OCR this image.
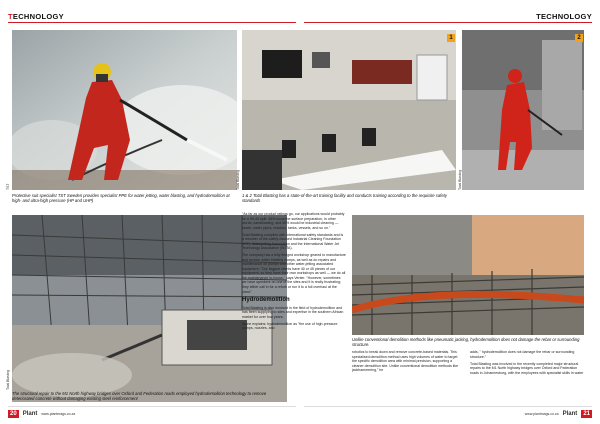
TECHNOLOGY
TST
Protective suit specialist TST Sweden provides specialist PPE for water jetting, water blasting, and hydrodemolition at high- and ultra-high pressure (HP and UHP)
Total Blasting
The structural repair to the M1 North highway bridges over Oxford and Federation roads employed hydrodemolition technology to remove deteriorated concrete without damaging existing steel reinforcement
20	Plant www.plantmags.co.za
TECHNOLOGY
1
Total Blasting
2
Total Blasting
1 & 2 Total Blasting has a state-of-the-art training facility and conducts training according to the requisite safety standards

"As far as our product ratings go, our applications would probably be a 95-45 split. 45% would be surface preparation, in other words, sandblasting, and 55% would be industrial cleaning — sewer, water pipes, reactors, tanks, vessels, and so on."

Total Blasting complies with international safety standards and is a member of the safety-focused Industrial Cleaning Foundation (ICF), Waterjetting Association and the International Water Jet Technology Association (WJTA).

The company has a fully fledged workshop geared to manufacture and service water-blasting pumps, as well as do repairs and maintenance on pumps and other water-jetting associated equipment. "Our biggest clients have 40 or 45 pieces of our equipment, so they have their own workshops as well — we do all the maintenance in-house," says Venter. "However, sometimes we have sprinkers on one of the sites and it is really frustrating; they either call in for a refurb or run it to a full overhaul at the plant."

Hydrodemolition

Total Blasting is also involved in the field of hydrodemolition and has been supplying to sites and expertise in the southern African market for over four years.

Stone explains: hydrodemolition as "the use of high-pressure pumps, nozzles, and

Unlike conventional demolition methods like pneumatic jacking, hydrodemolition does not damage the rebar or surrounding structure.

robotics to break down and remove concrete-based materials. This specialised demolition method uses high volumes of water to target the specific demolition area with minimal precision, supporting a cleaner demolition site. Unlike conventional demolition methods like jackhammering," he

adds, " hydrodemolition does not damage the rebar or surrounding structure."

Total Blasting was involved in the recently completed major structural repairs to the M1 North highway bridges over Oxford and Federation roads in Johannesburg, with the employees with specialist skills in water

www.plantmags.co.za Plant	21
